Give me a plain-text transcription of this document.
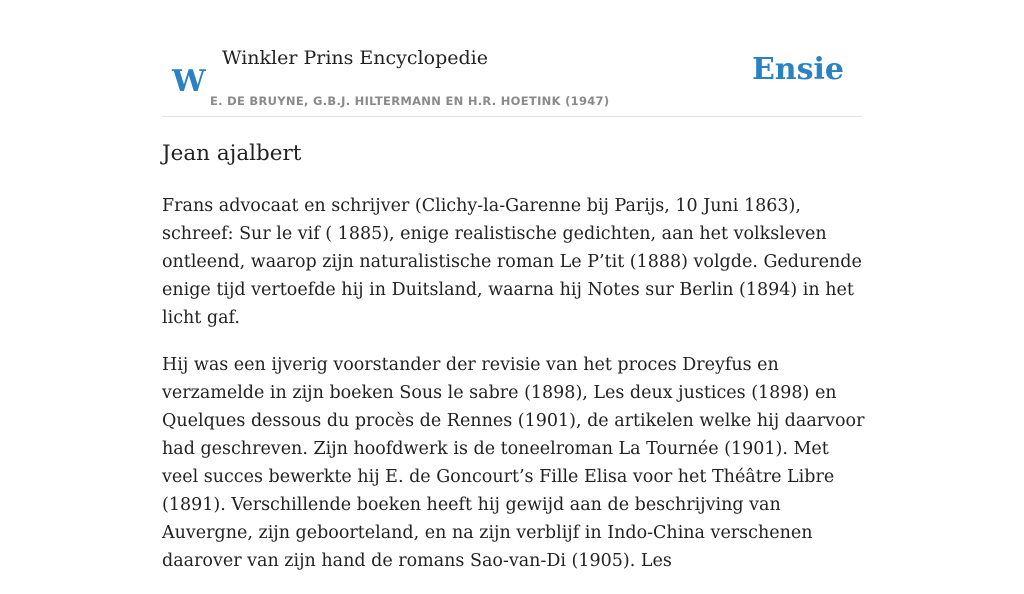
W
Winkler Prins Encyclopedie
E. DE BRUYNE, G.B.J. HILTERMANN EN H.R. HOETINK (1947)
Ensie
Jean ajalbert

Frans advocaat en schrijver (Clichy-la-Garenne bij Parijs, 10 Juni 1863), schreef: Sur le vif ( 1885), enige realistische gedichten, aan het volksleven ontleend, waarop zijn naturalistische roman Le P’tit (1888) volgde. Gedurende enige tijd vertoefde hij in Duitsland, waarna hij Notes sur Berlin (1894) in het licht gaf.

Hij was een ijverig voorstander der revisie van het proces Dreyfus en verzamelde in zijn boeken Sous le sabre (1898), Les deux justices (1898) en Quelques dessous du procès de Rennes (1901), de artikelen welke hij daarvoor had geschreven. Zijn hoofdwerk is de toneelroman La Tournée (1901). Met veel succes bewerkte hij E. de Goncourt’s Fille Elisa voor het Théâtre Libre (1891). Verschillende boeken heeft hij gewijd aan de beschrijving van Auvergne, zijn geboorteland, en na zijn verblijf in Indo-China verschenen daarover van zijn hand de romans Sao-van-Di (1905). Les
